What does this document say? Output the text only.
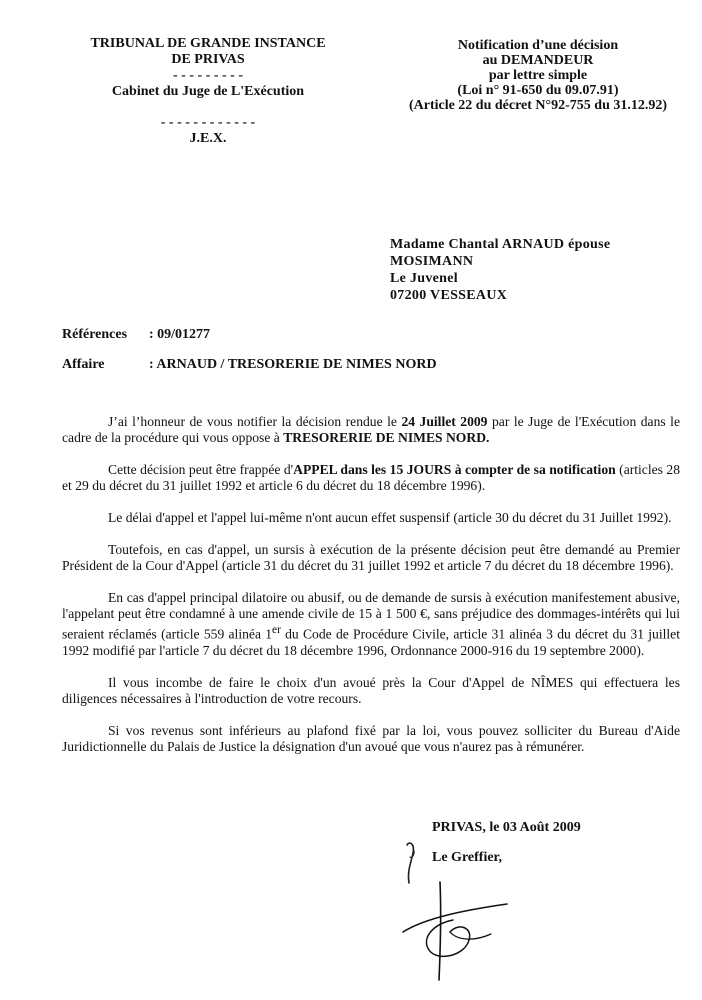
TRIBUNAL DE GRANDE INSTANCE
DE PRIVAS
- - - - - - - - -
Cabinet du Juge de L'Exécution
- - - - - - - - - - - -
J.E.X.
Notification d’une décision
au DEMANDEUR
par lettre simple
(Loi n° 91-650 du 09.07.91)
(Article 22 du décret N°92-755 du 31.12.92)
Madame Chantal ARNAUD épouse
MOSIMANN
Le Juvenel
07200 VESSEAUX
Références : 09/01277
Affaire	: ARNAUD / TRESORERIE DE NIMES NORD

J’ai l’honneur de vous notifier la décision rendue le 24 Juillet 2009 par le Juge de l'Exécution dans le cadre de la procédure qui vous oppose à TRESORERIE DE NIMES NORD.

Cette décision peut être frappée d'APPEL dans les 15 JOURS à compter de sa notification (articles 28 et 29 du décret du 31 juillet 1992 et article 6 du décret du 18 décembre 1996).

Le délai d'appel et l'appel lui-même n'ont aucun effet suspensif (article 30 du décret du 31 Juillet 1992).

Toutefois, en cas d'appel, un sursis à exécution de la présente décision peut être demandé au Premier Président de la Cour d'Appel (article 31 du décret du 31 juillet 1992 et article 7 du décret du 18 décembre 1996).

En cas d'appel principal dilatoire ou abusif, ou de demande de sursis à exécution manifestement abusive, l'appelant peut être condamné à une amende civile de 15 à 1 500 €, sans préjudice des dommages-intérêts qui lui seraient réclamés (article 559 alinéa 1er du Code de Procédure Civile, article 31 alinéa 3 du décret du 31 juillet 1992 modifié par l'article 7 du décret du 18 décembre 1996, Ordonnance 2000-916 du 19 septembre 2000).

Il vous incombe de faire le choix d'un avoué près la Cour d'Appel de NÎMES qui effectuera les diligences nécessaires à l'introduction de votre recours.

Si vos revenus sont inférieurs au plafond fixé par la loi, vous pouvez solliciter du Bureau d'Aide Juridictionnelle du Palais de Justice la désignation d'un avoué que vous n'aurez pas à rémunérer.

PRIVAS, le 03 Août 2009
Le Greffier,
